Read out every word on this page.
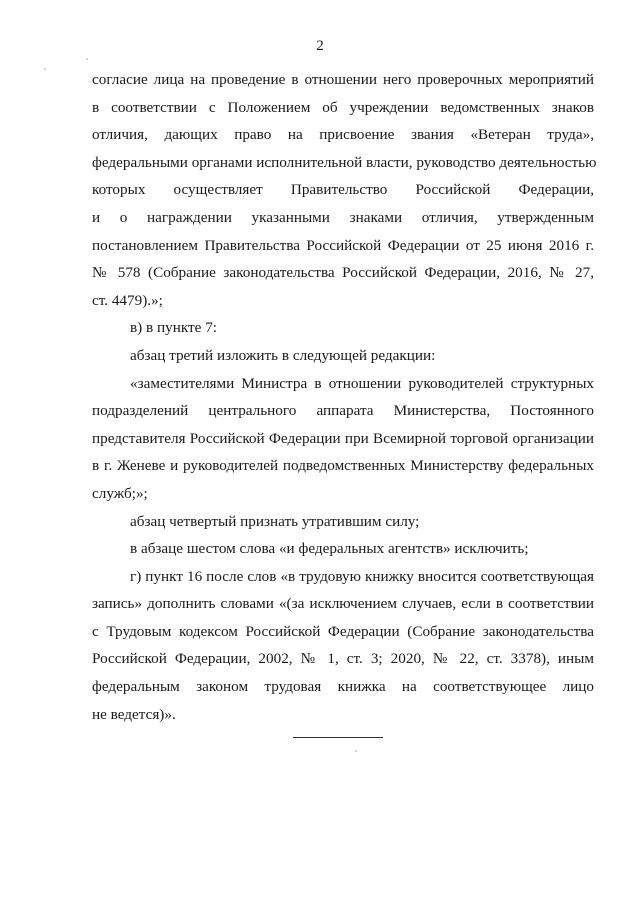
2
согласие лица на проведение в отношении него проверочных мероприятий
в соответствии с Положением об учреждении ведомственных знаков
отличия, дающих право на присвоение звания «Ветеран труда»,
федеральными органами исполнительной власти, руководство деятельностью
которых осуществляет Правительство Российской Федерации,
и о награждении указанными знаками отличия, утвержденным
постановлением Правительства Российской Федерации от 25 июня 2016 г.
№ 578 (Собрание законодательства Российской Федерации, 2016, № 27,
ст. 4479).»;
в) в пункте 7:
абзац третий изложить в следующей редакции:
«заместителями Министра в отношении руководителей структурных
подразделений центрального аппарата Министерства, Постоянного
представителя Российской Федерации при Всемирной торговой организации
в г. Женеве и руководителей подведомственных Министерству федеральных
служб;»;
абзац четвертый признать утратившим силу;
в абзаце шестом слова «и федеральных агентств» исключить;
г) пункт 16 после слов «в трудовую книжку вносится соответствующая
запись» дополнить словами «(за исключением случаев, если в соответствии
с Трудовым кодексом Российской Федерации (Собрание законодательства
Российской Федерации, 2002, № 1, ст. 3; 2020, № 22, ст. 3378), иным
федеральным законом трудовая книжка на соответствующее лицо
не ведется)».
